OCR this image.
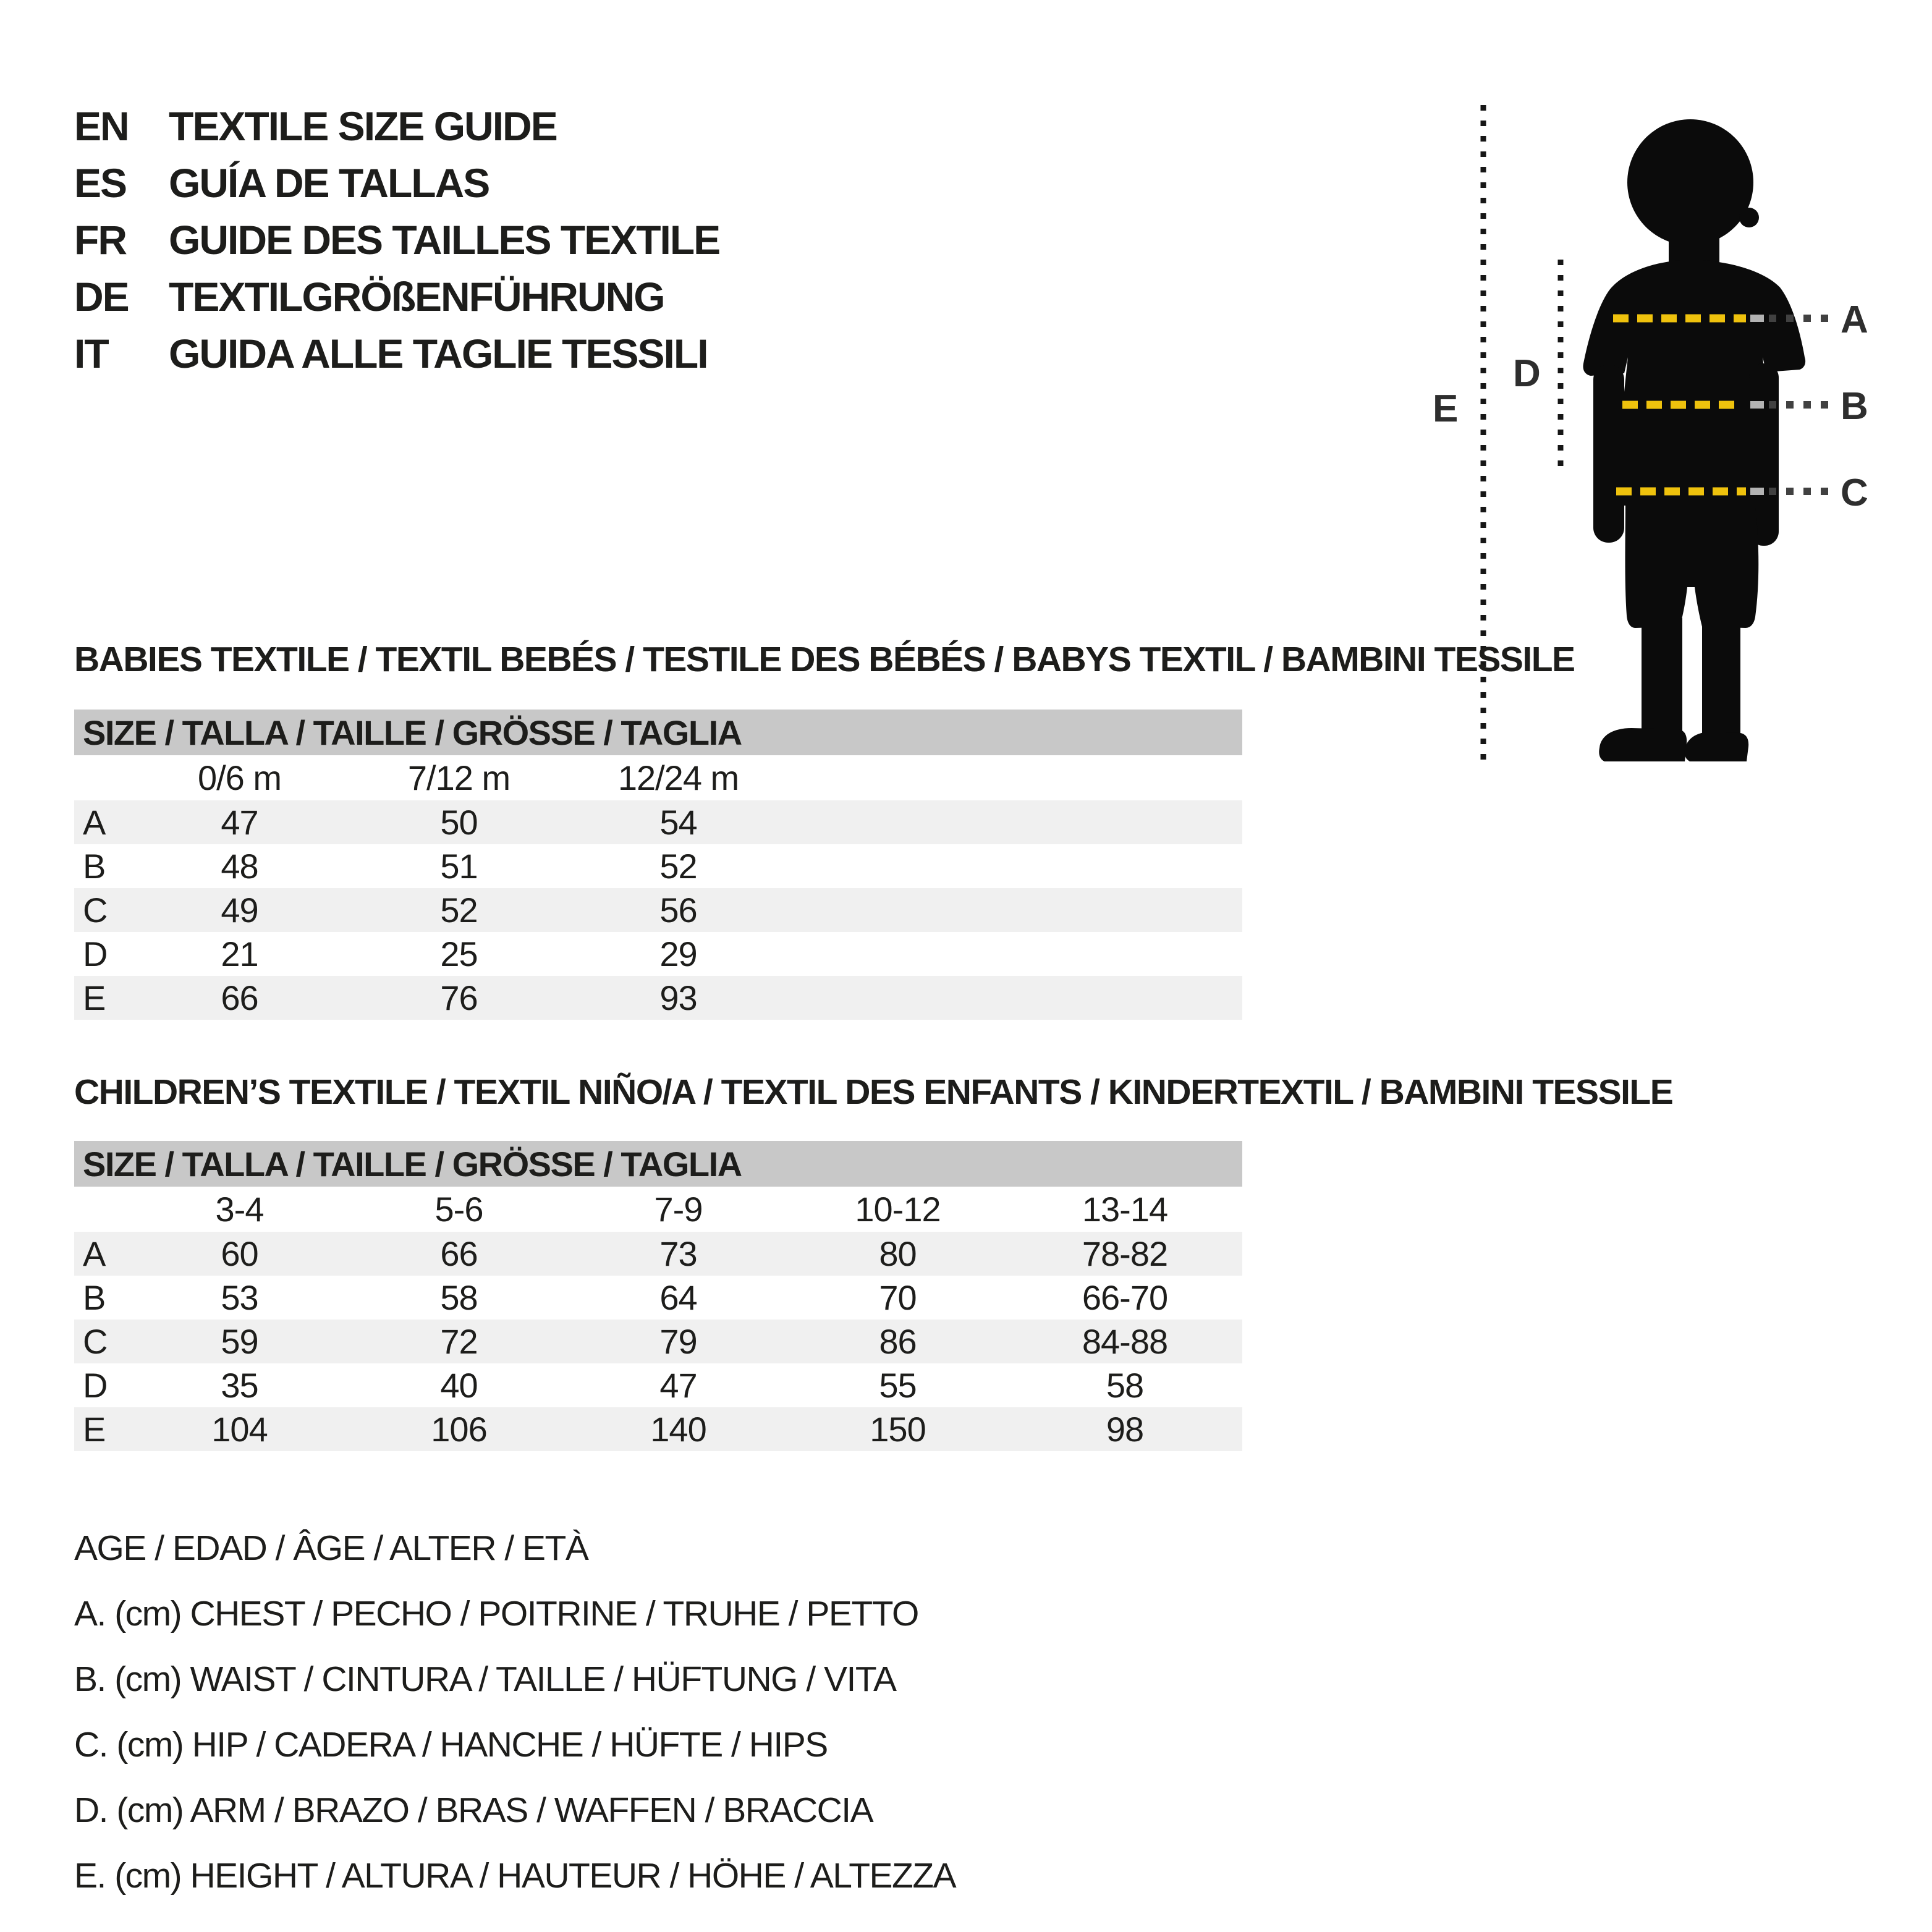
EN TEXTILE SIZE GUIDE
ES	GUÍA DE TALLAS
FR	GUIDE DES TAILLES TEXTILE
DE TEXTILGRÖßENFÜHRUNG
IT	GUIDA ALLE TAGLIE TESSILI
A
B
C
D
E
BABIES TEXTILE / TEXTIL BEBÉS / TESTILE DES BÉBÉS / BABYS TEXTIL / BAMBINI TESSILE
SIZE / TALLA / TAILLE / GRÖSSE / TAGLIA				
	0/6 m	7/12 m	12/24 m	
A	47	50	54	
B	48	51	52	
C	49	52	56	
D	21	25	29	
E	66	76	93	
CHILDREN’S TEXTILE / TEXTIL NIÑO/A / TEXTIL DES ENFANTS / KINDERTEXTIL / BAMBINI TESSILE
SIZE / TALLA / TAILLE / GRÖSSE / TAGLIA					
	3-4	5-6	7-9	10-12	13-14
A	60	66	73	80	78-82
B	53	58	64	70	66-70
C	59	72	79	86	84-88
D	35	40	47	55	58
E	104	106	140	150	98
AGE / EDAD / ÂGE / ALTER / ETÀ
A. (cm) CHEST / PECHO / POITRINE / TRUHE / PETTO
B. (cm) WAIST / CINTURA / TAILLE / HÜFTUNG / VITA
C. (cm) HIP / CADERA / HANCHE / HÜFTE / HIPS
D. (cm) ARM / BRAZO / BRAS / WAFFEN / BRACCIA
E. (cm) HEIGHT / ALTURA / HAUTEUR / HÖHE / ALTEZZA
